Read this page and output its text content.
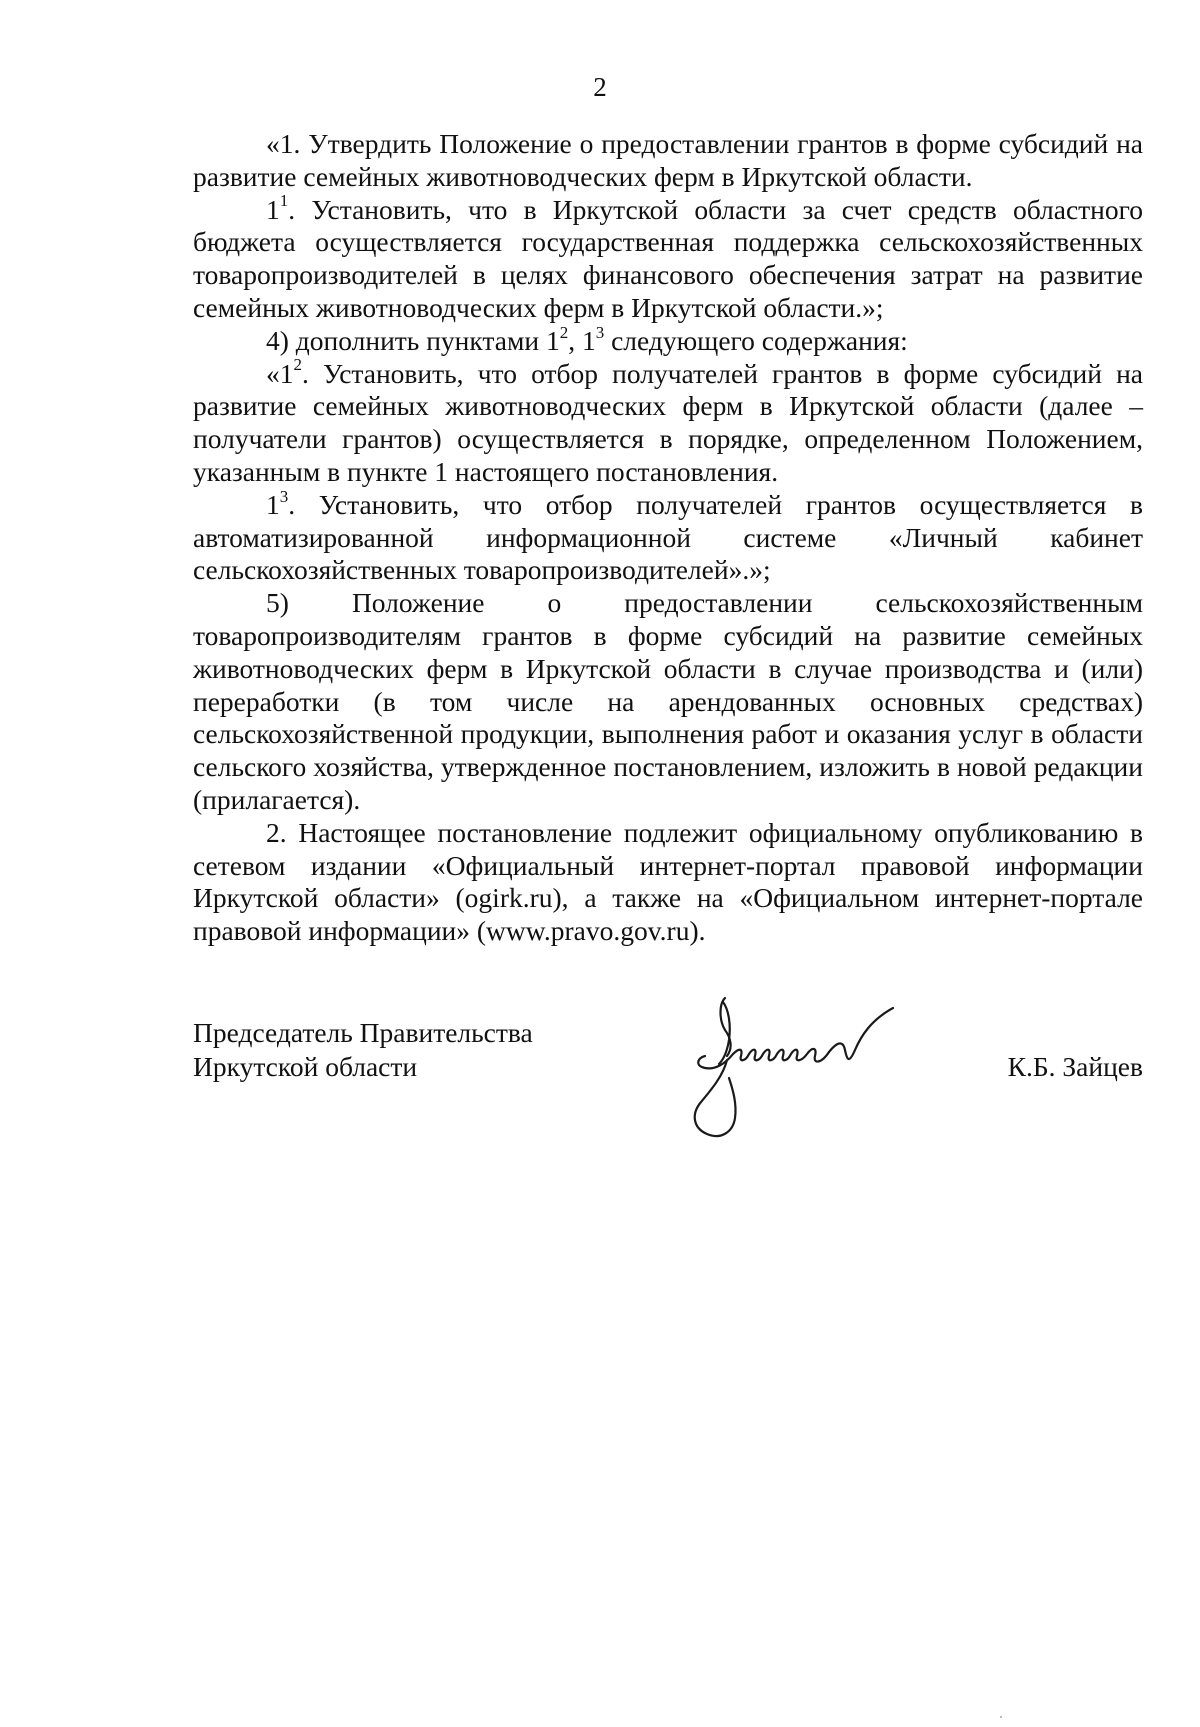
2

«1. Утвердить Положение о предоставлении грантов в форме субсидий на развитие семейных животноводческих ферм в Иркутской области.

$1^1$. Установить, что в Иркутской области за счет средств областного бюджета осуществляется государственная поддержка сельскохозяйственных товаропроизводителей в целях финансового обеспечения затрат на развитие семейных животноводческих ферм в Иркутской области.»;

4) дополнить пунктами $1^2$, $1^3$ следующего содержания:

«$1^2$. Установить, что отбор получателей грантов в форме субсидий на развитие семейных животноводческих ферм в Иркутской области (далее – получатели грантов) осуществляется в порядке, определенном Положением, указанным в пункте 1 настоящего постановления.

$1^3$. Установить, что отбор получателей грантов осуществляется в автоматизированной информационной системе «Личный кабинет сельскохозяйственных товаропроизводителей».»;

5) Положение о предоставлении сельскохозяйственным товаропроизводителям грантов в форме субсидий на развитие семейных животноводческих ферм в Иркутской области в случае производства и (или) переработки (в том числе на арендованных основных средствах) сельскохозяйственной продукции, выполнения работ и оказания услуг в области сельского хозяйства, утвержденное постановлением, изложить в новой редакции (прилагается).

2. Настоящее постановление подлежит официальному опубликованию в сетевом издании «Официальный интернет-портал правовой информации Иркутской области» (ogirk.ru), а также на «Официальном интернет-портале правовой информации» (www.pravo.gov.ru).

Председатель Правительства
Иркутской области	К.Б. Зайцев
